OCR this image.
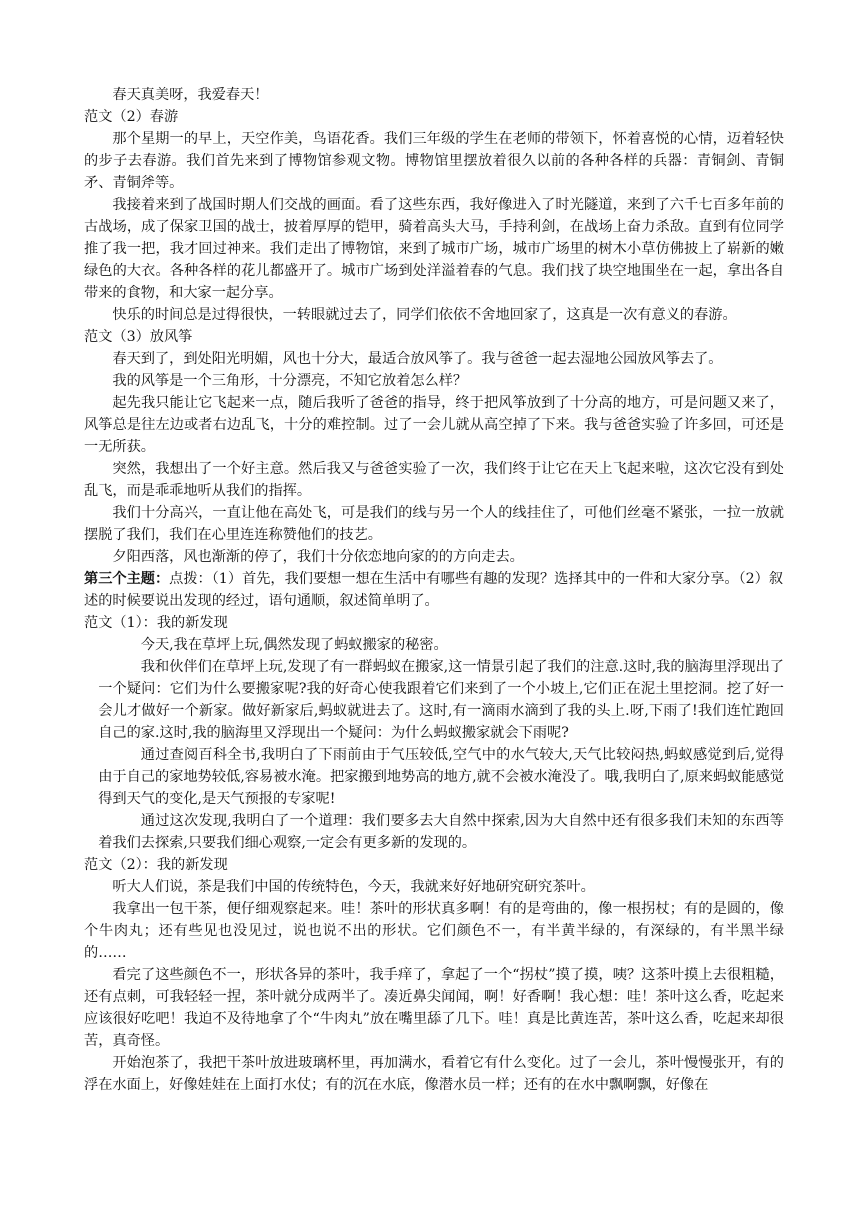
春天真美呀，我爱春天！

范文（2）春游

那个星期一的早上，天空作美，鸟语花香。我们三年级的学生在老师的带领下，怀着喜悦的心情，迈着轻快的步子去春游。我们首先来到了博物馆参观文物。博物馆里摆放着很久以前的各种各样的兵器：青铜剑、青铜矛、青铜斧等。

我接着来到了战国时期人们交战的画面。看了这些东西，我好像进入了时光隧道，来到了六千七百多年前的古战场，成了保家卫国的战士，披着厚厚的铠甲，骑着高头大马，手持利剑，在战场上奋力杀敌。直到有位同学推了我一把，我才回过神来。我们走出了博物馆，来到了城市广场，城市广场里的树木小草仿佛披上了崭新的嫩绿色的大衣。各种各样的花儿都盛开了。城市广场到处洋溢着春的气息。我们找了块空地围坐在一起，拿出各自带来的食物，和大家一起分享。

快乐的时间总是过得很快，一转眼就过去了，同学们依依不舍地回家了，这真是一次有意义的春游。

范文（3）放风筝

春天到了，到处阳光明媚，风也十分大，最适合放风筝了。我与爸爸一起去湿地公园放风筝去了。

我的风筝是一个三角形，十分漂亮，不知它放着怎么样？

起先我只能让它飞起来一点，随后我听了爸爸的指导，终于把风筝放到了十分高的地方，可是问题又来了，风筝总是往左边或者右边乱飞，十分的难控制。过了一会儿就从高空掉了下来。我与爸爸实验了许多回，可还是一无所获。

突然，我想出了一个好主意。然后我又与爸爸实验了一次，我们终于让它在天上飞起来啦，这次它没有到处乱飞，而是乖乖地听从我们的指挥。

我们十分高兴，一直让他在高处飞，可是我们的线与另一个人的线挂住了，可他们丝毫不紧张，一拉一放就摆脱了我们，我们在心里连连称赞他们的技艺。

夕阳西落，风也渐渐的停了，我们十分依恋地向家的的方向走去。

第三个主题：点拨：（1）首先，我们要想一想在生活中有哪些有趣的发现？选择其中的一件和大家分享。（2）叙述的时候要说出发现的经过，语句通顺，叙述简单明了。

范文（1）：我的新发现

今天,我在草坪上玩,偶然发现了蚂蚁搬家的秘密。

我和伙伴们在草坪上玩,发现了有一群蚂蚁在搬家,这一情景引起了我们的注意.这时,我的脑海里浮现出了一个疑问：它们为什么要搬家呢?我的好奇心使我跟着它们来到了一个小坡上,它们正在泥土里挖洞。挖了好一会儿才做好一个新家。做好新家后,蚂蚁就进去了。这时,有一滴雨水滴到了我的头上.呀,下雨了!我们连忙跑回自己的家.这时,我的脑海里又浮现出一个疑问：为什么蚂蚁搬家就会下雨呢?

通过查阅百科全书,我明白了下雨前由于气压较低,空气中的水气较大,天气比较闷热,蚂蚁感觉到后,觉得由于自己的家地势较低,容易被水淹。把家搬到地势高的地方,就不会被水淹没了。哦,我明白了,原来蚂蚁能感觉得到天气的变化,是天气预报的专家呢!

通过这次发现,我明白了一个道理：我们要多去大自然中探索,因为大自然中还有很多我们未知的东西等着我们去探索,只要我们细心观察,一定会有更多新的发现的。

范文（2）：我的新发现

听大人们说，茶是我们中国的传统特色，今天，我就来好好地研究研究茶叶。

我拿出一包干茶，便仔细观察起来。哇！茶叶的形状真多啊！有的是弯曲的，像一根拐杖；有的是圆的，像个牛肉丸；还有些见也没见过，说也说不出的形状。它们颜色不一，有半黄半绿的，有深绿的，有半黑半绿的……

看完了这些颜色不一，形状各异的茶叶，我手痒了，拿起了一个“拐杖”摸了摸，咦？这茶叶摸上去很粗糙，还有点刺，可我轻轻一捏，茶叶就分成两半了。凑近鼻尖闻闻，啊！好香啊！我心想：哇！茶叶这么香，吃起来应该很好吃吧！我迫不及待地拿了个“牛肉丸”放在嘴里舔了几下。哇！真是比黄连苦，茶叶这么香，吃起来却很苦，真奇怪。

开始泡茶了，我把干茶叶放进玻璃杯里，再加满水，看着它有什么变化。过了一会儿，茶叶慢慢张开，有的浮在水面上，好像娃娃在上面打水仗；有的沉在水底，像潜水员一样；还有的在水中飘啊飘，好像在
